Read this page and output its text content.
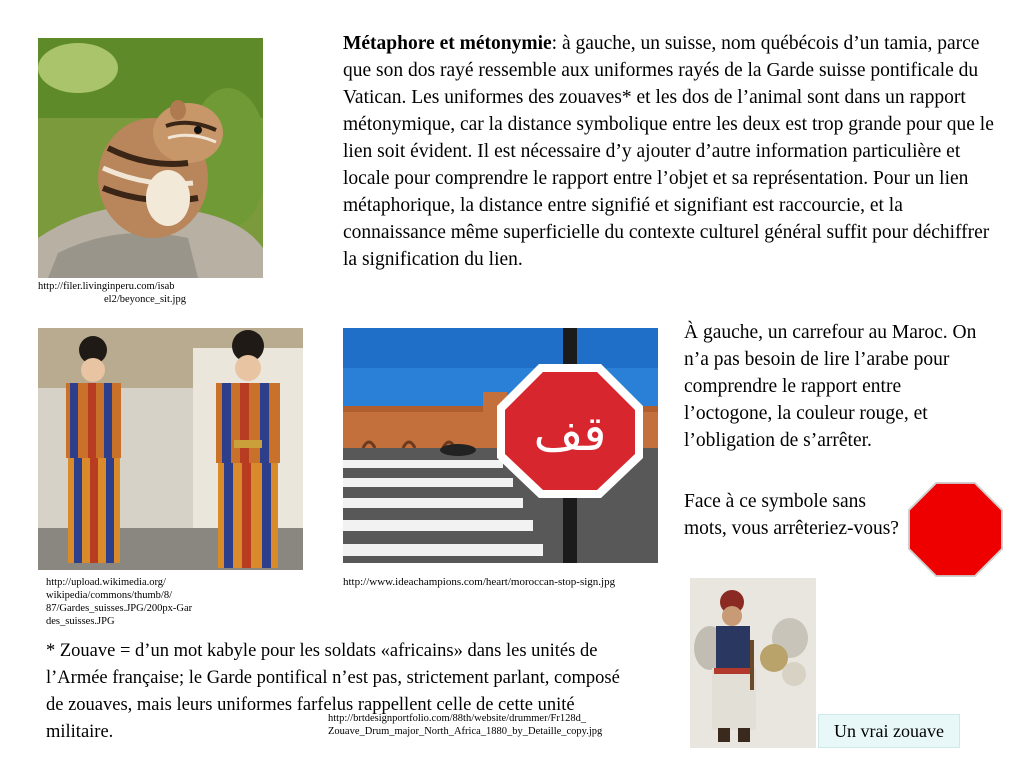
http://filer.livinginperu.com/isab
el2/beyonce_sit.jpg
Métaphore et métonymie: à gauche, un suisse, nom québécois d’un tamia, parce que son dos rayé ressemble aux uniformes rayés de la Garde suisse pontificale du Vatican. Les uniformes des zouaves* et les dos de l’animal sont dans un rapport métonymique, car la distance symbolique entre les deux est trop grande pour que le lien soit évident. Il est nécessaire d’y ajouter d’autre information particulière et locale pour comprendre le rapport entre l’objet et sa représentation. Pour un lien métaphorique, la distance entre signifié et signifiant est raccourcie, et la connaissance même superficielle du contexte culturel général suffit pour déchiffrer la signification du lien.
http://upload.wikimedia.org/
wikipedia/commons/thumb/8/
87/Gardes_suisses.JPG/200px-Gar
des_suisses.JPG
قف
http://www.ideachampions.com/heart/moroccan-stop-sign.jpg
À gauche, un carrefour au Maroc. On n’a pas besoin de lire l’arabe pour comprendre le rapport entre l’octogone, la couleur rouge, et l’obligation de s’arrêter.
Face à ce symbole sans mots, vous arrêteriez-vous?
* Zouave = d’un mot kabyle pour les soldats «africains» dans les unités de l’Armée française; le Garde pontifical n’est pas, strictement parlant, composé de zouaves, mais leurs uniformes farfelus rappellent celle de cette unité militaire.
http://brtdesignportfolio.com/88th/website/drummer/Fr128d_
Zouave_Drum_major_North_Africa_1880_by_Detaille_copy.jpg	Un vrai zouave
